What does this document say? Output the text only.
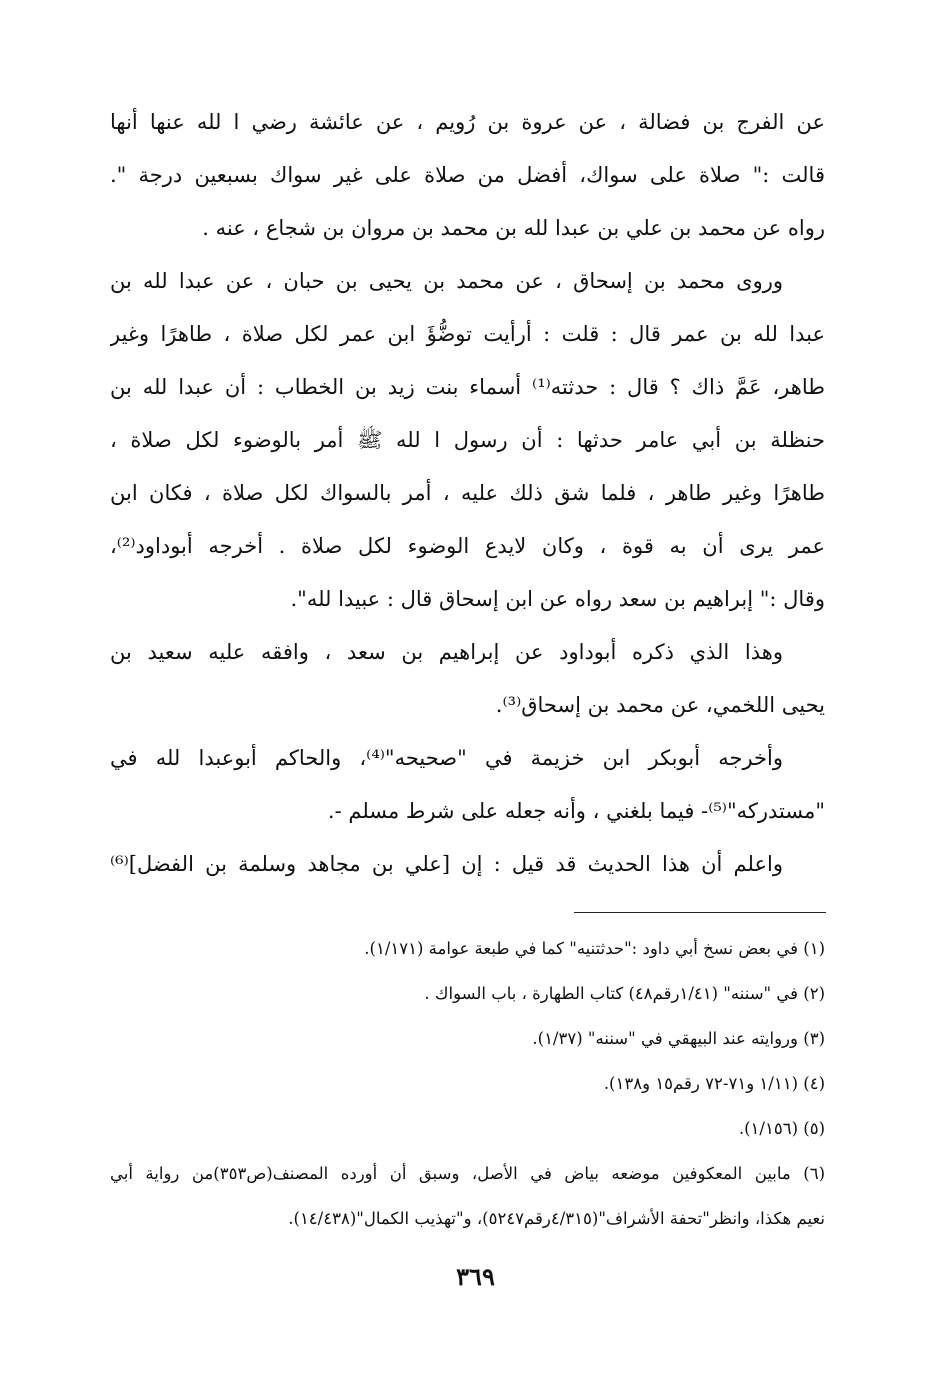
عن الفرج بن فضالة ، عن عروة بن رُويم ، عن عائشة رضي ا لله عنها أنها
قالت :" صلاة على سواك، أفضل من صلاة على غير سواك بسبعين درجة ".
رواه عن محمد بن علي بن عبدا لله بن محمد بن مروان بن شجاع ، عنه .
وروى محمد بن إسحاق ، عن محمد بن يحيى بن حبان ، عن عبدا لله بن
عبدا لله بن عمر قال : قلت : أرأيت توضُّؤَ ابن عمر لكل صلاة ، طاهرًا وغير
طاهر، عَمَّ ذاك ؟ قال : حدثته⁽¹⁾ أسماء بنت زيد بن الخطاب : أن عبدا لله بن
حنظلة بن أبي عامر حدثها : أن رسول ا لله ﷺ أمر بالوضوء لكل صلاة ،
طاهرًا وغير طاهر ، فلما شق ذلك عليه ، أمر بالسواك لكل صلاة ، فكان ابن
عمر يرى أن به قوة ، وكان لايدع الوضوء لكل صلاة . أخرجه أبوداود⁽²⁾،
وقال :" إبراهيم بن سعد رواه عن ابن إسحاق قال : عبيدا لله".
وهذا الذي ذكره أبوداود عن إبراهيم بن سعد ، وافقه عليه سعيد بن
يحيى اللخمي، عن محمد بن إسحاق⁽³⁾.
وأخرجه أبوبكر ابن خزيمة في "صحيحه"⁽⁴⁾، والحاكم أبوعبدا لله في
"مستدركه"⁽⁵⁾- فيما بلغني ، وأنه جعله على شرط مسلم -.
واعلم أن هذا الحديث قد قيل : إن [علي بن مجاهد وسلمة بن الفضل]⁽⁶⁾
(١) في بعض نسخ أبي داود :"حدثتنيه" كما في طبعة عوامة (١/١٧١).
(٢) في "سننه" (١/٤١رقم٤٨) كتاب الطهارة ، باب السواك .
(٣) وروايته عند البيهقي في "سننه" (١/٣٧).
(٤) (١/١١ و٧١-٧٢ رقم١٥ و١٣٨).
(٥) (١/١٥٦).
(٦) مابين المعكوفين موضعه بياض في الأصل، وسبق أن أورده المصنف(ص٣٥٣)من رواية أبي
نعيم هكذا، وانظر"تحفة الأشراف"(٤/٣١٥رقم٥٢٤٧)، و"تهذيب الكمال"(١٤/٤٣٨).
٣٦٩
